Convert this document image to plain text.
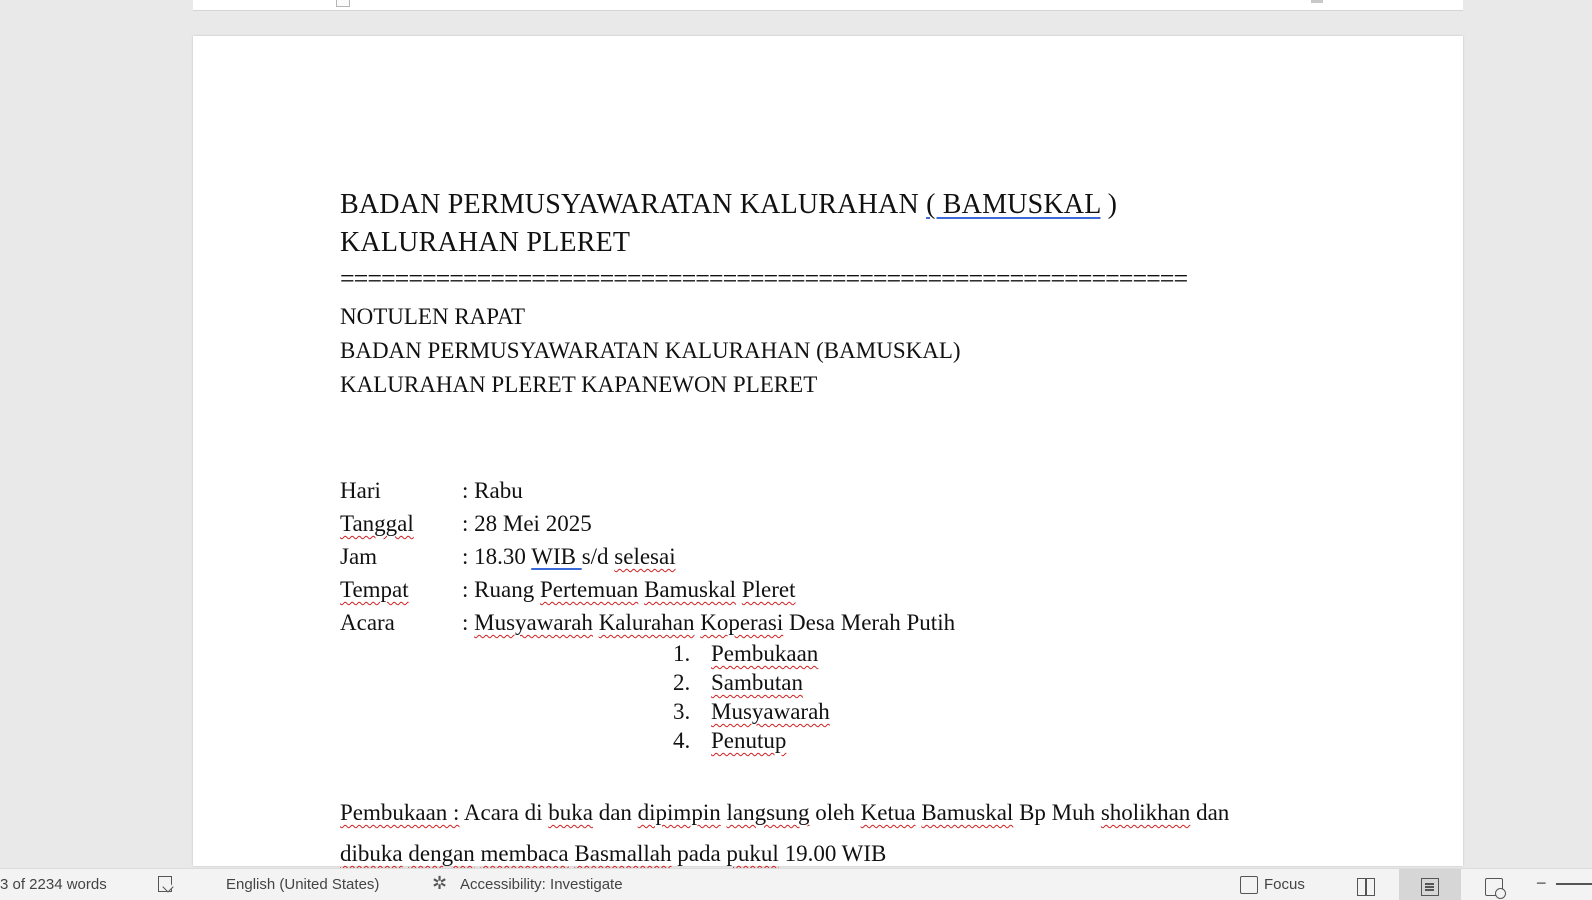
BADAN PERMUSYAWARATAN KALURAHAN ( BAMUSKAL )
KALURAHAN PLERET
==============================================================
NOTULEN RAPAT
BADAN PERMUSYAWARATAN KALURAHAN (BAMUSKAL)
KALURAHAN PLERET KAPANEWON PLERET
Hari	: Rabu
Tanggal	: 28 Mei 2025
Jam	: 18.30 WIB s/d selesai
Tempat	: Ruang Pertemuan Bamuskal Pleret
Acara	: Musyawarah Kalurahan Koperasi Desa Merah Putih
1. Pembukaan
2. Sambutan
3. Musyawarah
4. Penutup
Pembukaan : Acara di buka dan dipimpin langsung oleh Ketua Bamuskal Bp Muh sholikhan dan
dibuka dengan membaca Basmallah pada pukul 19.00 WIB
3 of 2234 words	English (United States)	✲ Accessibility: Investigate	Focus	−
